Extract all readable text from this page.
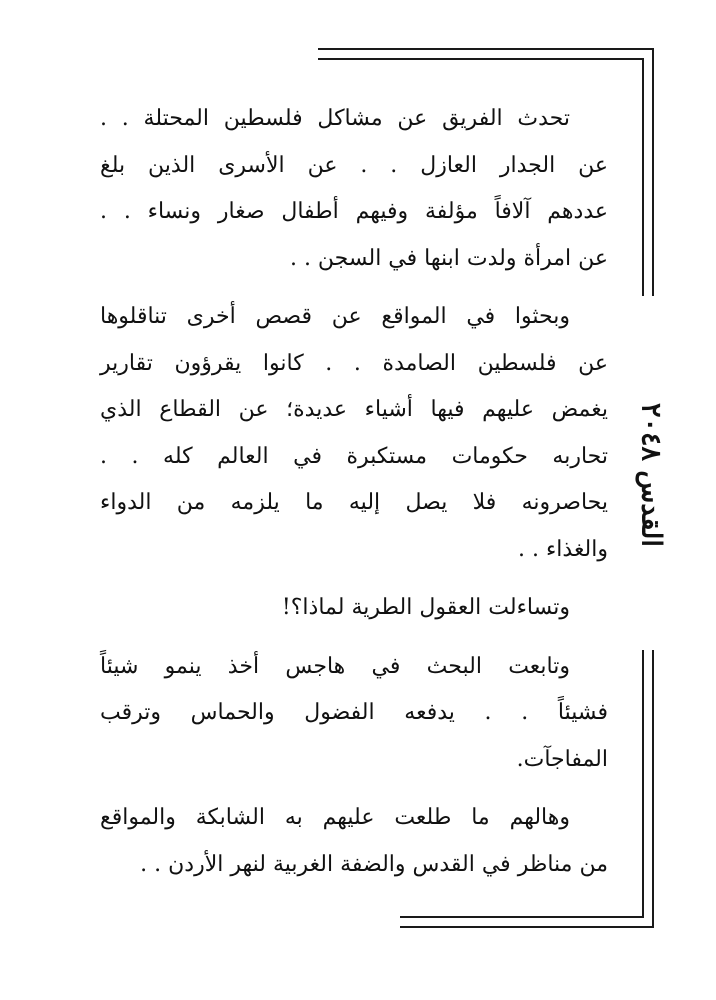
القدس ٢٠٤٨

تحدث الفريق عن مشاكل فلسطين المحتلة . .
عن الجدار العازل . . عن الأسرى الذين بلغ
عددهم آلافاً مؤلفة وفيهم أطفال صغار ونساء . .
عن امرأة ولدت ابنها في السجن . .

وبحثوا في المواقع عن قصص أخرى تناقلوها
عن فلسطين الصامدة . . كانوا يقرؤون تقارير
يغمض عليهم فيها أشياء عديدة؛ عن القطاع الذي
تحاربه حكومات مستكبرة في العالم كله . .
يحاصرونه فلا يصل إليه ما يلزمه من الدواء
والغذاء . .

وتساءلت العقول الطرية لماذا؟!

وتابعت البحث في هاجس أخذ ينمو شيئاً
فشيئاً . . يدفعه الفضول والحماس وترقب
المفاجآت.

وهالهم ما طلعت عليهم به الشابكة والمواقع
من مناظر في القدس والضفة الغربية لنهر الأردن . .
